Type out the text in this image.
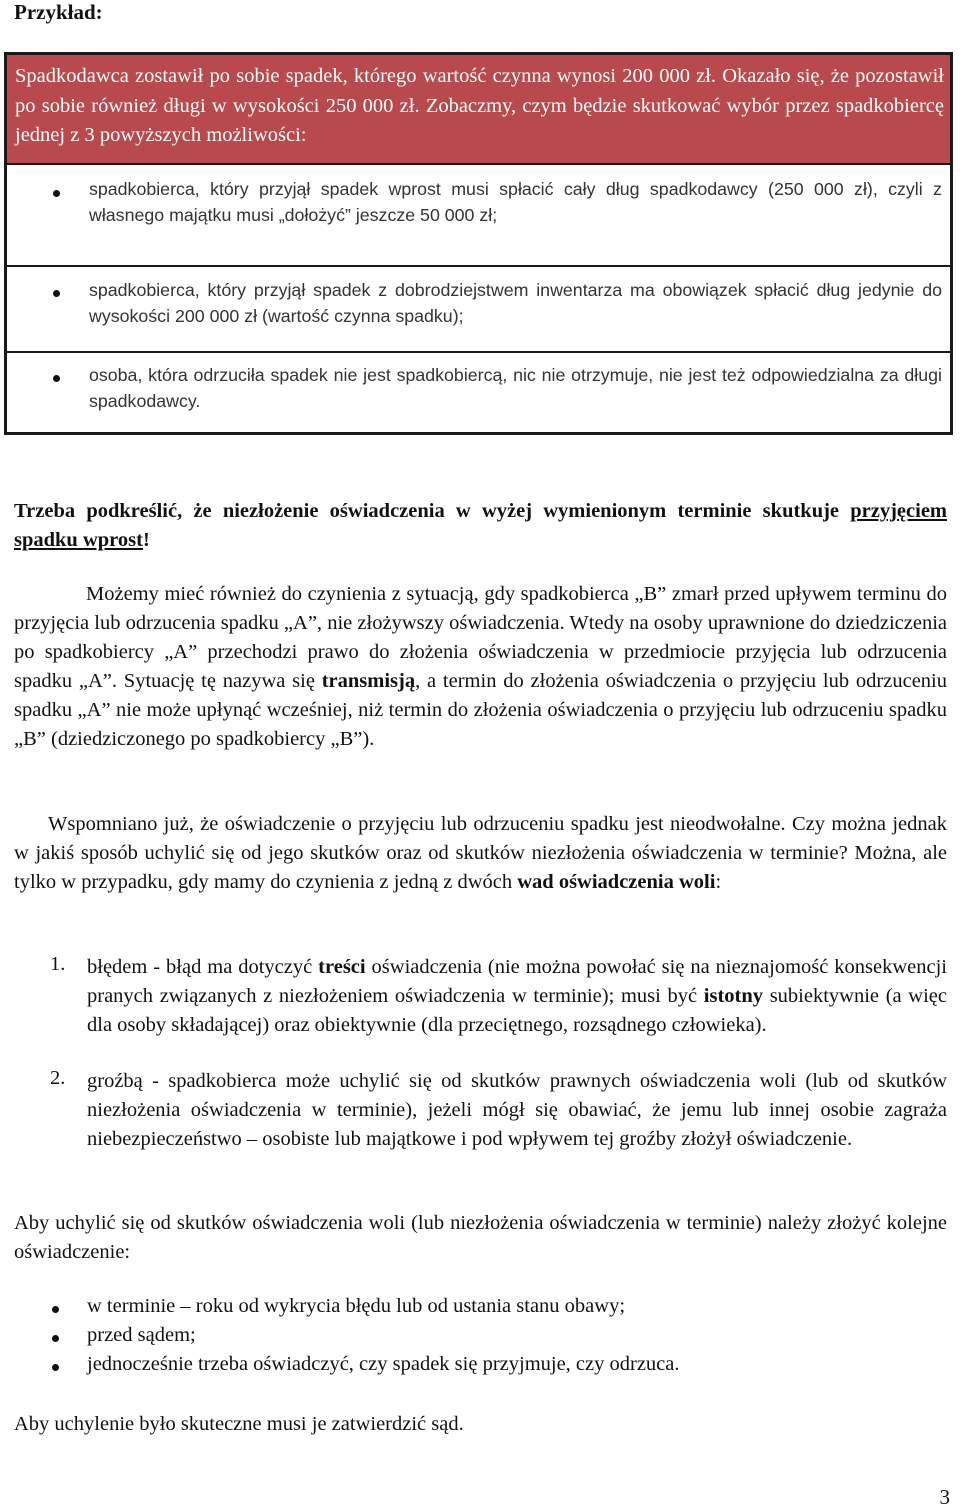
Przykład:
Spadkodawca zostawił po sobie spadek, którego wartość czynna wynosi 200 000 zł. Okazało się, że pozostawił po sobie również długi w wysokości 250 000 zł. Zobaczmy, czym będzie skutkować wybór przez spadkobiercę jednej z 3 powyższych możliwości:
spadkobierca, który przyjął spadek wprost musi spłacić cały dług spadkodawcy (250 000 zł), czyli z własnego majątku musi „dołożyć” jeszcze 50 000 zł;
spadkobierca, który przyjął spadek z dobrodziejstwem inwentarza ma obowiązek spłacić dług jedynie do wysokości 200 000 zł (wartość czynna spadku);
osoba, która odrzuciła spadek nie jest spadkobiercą, nic nie otrzymuje, nie jest też odpowiedzialna za długi spadkodawcy.
Trzeba podkreślić, że niezłożenie oświadczenia w wyżej wymienionym terminie skutkuje przyjęciem spadku wprost!
Możemy mieć również do czynienia z sytuacją, gdy spadkobierca „B” zmarł przed upływem terminu do przyjęcia lub odrzucenia spadku „A”, nie złożywszy oświadczenia. Wtedy na osoby uprawnione do dziedziczenia po spadkobiercy „A” przechodzi prawo do złożenia oświadczenia w przedmiocie przyjęcia lub odrzucenia spadku „A”. Sytuację tę nazywa się transmisją, a termin do złożenia oświadczenia o przyjęciu lub odrzuceniu spadku „A” nie może upłynąć wcześniej, niż termin do złożenia oświadczenia o przyjęciu lub odrzuceniu spadku „B” (dziedziczonego po spadkobiercy „B”).
Wspomniano już, że oświadczenie o przyjęciu lub odrzuceniu spadku jest nieodwołalne. Czy można jednak w jakiś sposób uchylić się od jego skutków oraz od skutków niezłożenia oświadczenia w terminie? Można, ale tylko w przypadku, gdy mamy do czynienia z jedną z dwóch wad oświadczenia woli:
1. błędem - błąd ma dotyczyć treści oświadczenia (nie można powołać się na nieznajomość konsekwencji pranych związanych z niezłożeniem oświadczenia w terminie); musi być istotny subiektywnie (a więc dla osoby składającej) oraz obiektywnie (dla przeciętnego, rozsądnego człowieka).
2. groźbą - spadkobierca może uchylić się od skutków prawnych oświadczenia woli (lub od skutków niezłożenia oświadczenia w terminie), jeżeli mógł się obawiać, że jemu lub innej osobie zagraża niebezpieczeństwo – osobiste lub majątkowe i pod wpływem tej groźby złożył oświadczenie.
Aby uchylić się od skutków oświadczenia woli (lub niezłożenia oświadczenia w terminie) należy złożyć kolejne oświadczenie:
w terminie – roku od wykrycia błędu lub od ustania stanu obawy;
przed sądem;
jednocześnie trzeba oświadczyć, czy spadek się przyjmuje, czy odrzuca.
Aby uchylenie było skuteczne musi je zatwierdzić sąd.
3
